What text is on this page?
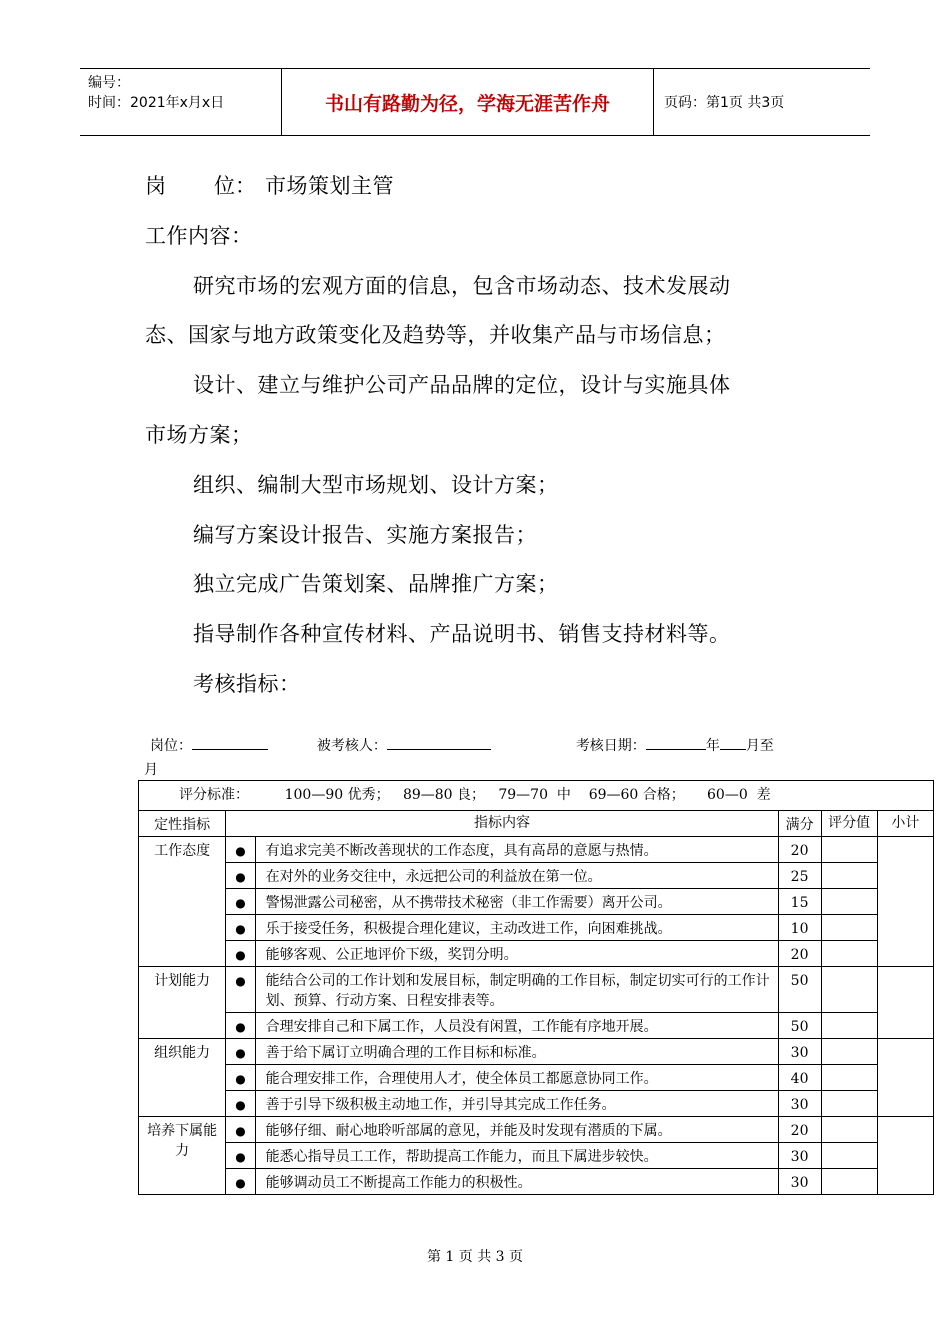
编号：
时间：2021年x月x日	书山有路勤为径，学海无涯苦作舟	页码：第1页 共3页
岗 位： 市场策划主管
工作内容：
研究市场的宏观方面的信息，包含市场动态、技术发展动
态、国家与地方政策变化及趋势等，并收集产品与市场信息；
设计、建立与维护公司产品品牌的定位，设计与实施具体
市场方案；
组织、编制大型市场规划、设计方案；
编写方案设计报告、实施方案报告；
独立完成广告策划案、品牌推广方案；
指导制作各种宣传材料、产品说明书、销售支持材料等。
考核指标：
岗位：	被考核人：	考核日期：	年 月至
月
评分标准：        100—90 优秀；   89—80 良；   79—70  中    69—60 合格；     60—0  差					
定性指标	指标内容		满分	评分值	小计
工作态度	●	有追求完美不断改善现状的工作态度，具有高昂的意愿与热情。	20		
	●	在对外的业务交往中，永远把公司的利益放在第一位。	25		
	●	警惕泄露公司秘密，从不携带技术秘密（非工作需要）离开公司。	15		
	●	乐于接受任务，积极提合理化建议，主动改进工作，向困难挑战。	10		
	●	能够客观、公正地评价下级，奖罚分明。	20		
计划能力	●	能结合公司的工作计划和发展目标，制定明确的工作目标，制定切实可行的工作计划、预算、行动方案、日程安排表等。	50		
	●	合理安排自己和下属工作，人员没有闲置，工作能有序地开展。	50		
组织能力	●	善于给下属订立明确合理的工作目标和标准。	30		
	●	能合理安排工作，合理使用人才，使全体员工都愿意协同工作。	40		
	●	善于引导下级积极主动地工作，并引导其完成工作任务。	30		

培养下属能力	●	能够仔细、耐心地聆听部属的意见，并能及时发现有潜质的下属。	20		
	●	能悉心指导员工工作，帮助提高工作能力，而且下属进步较快。	30		
	●	能够调动员工不断提高工作能力的积极性。	30		
第 1 页 共 3 页
